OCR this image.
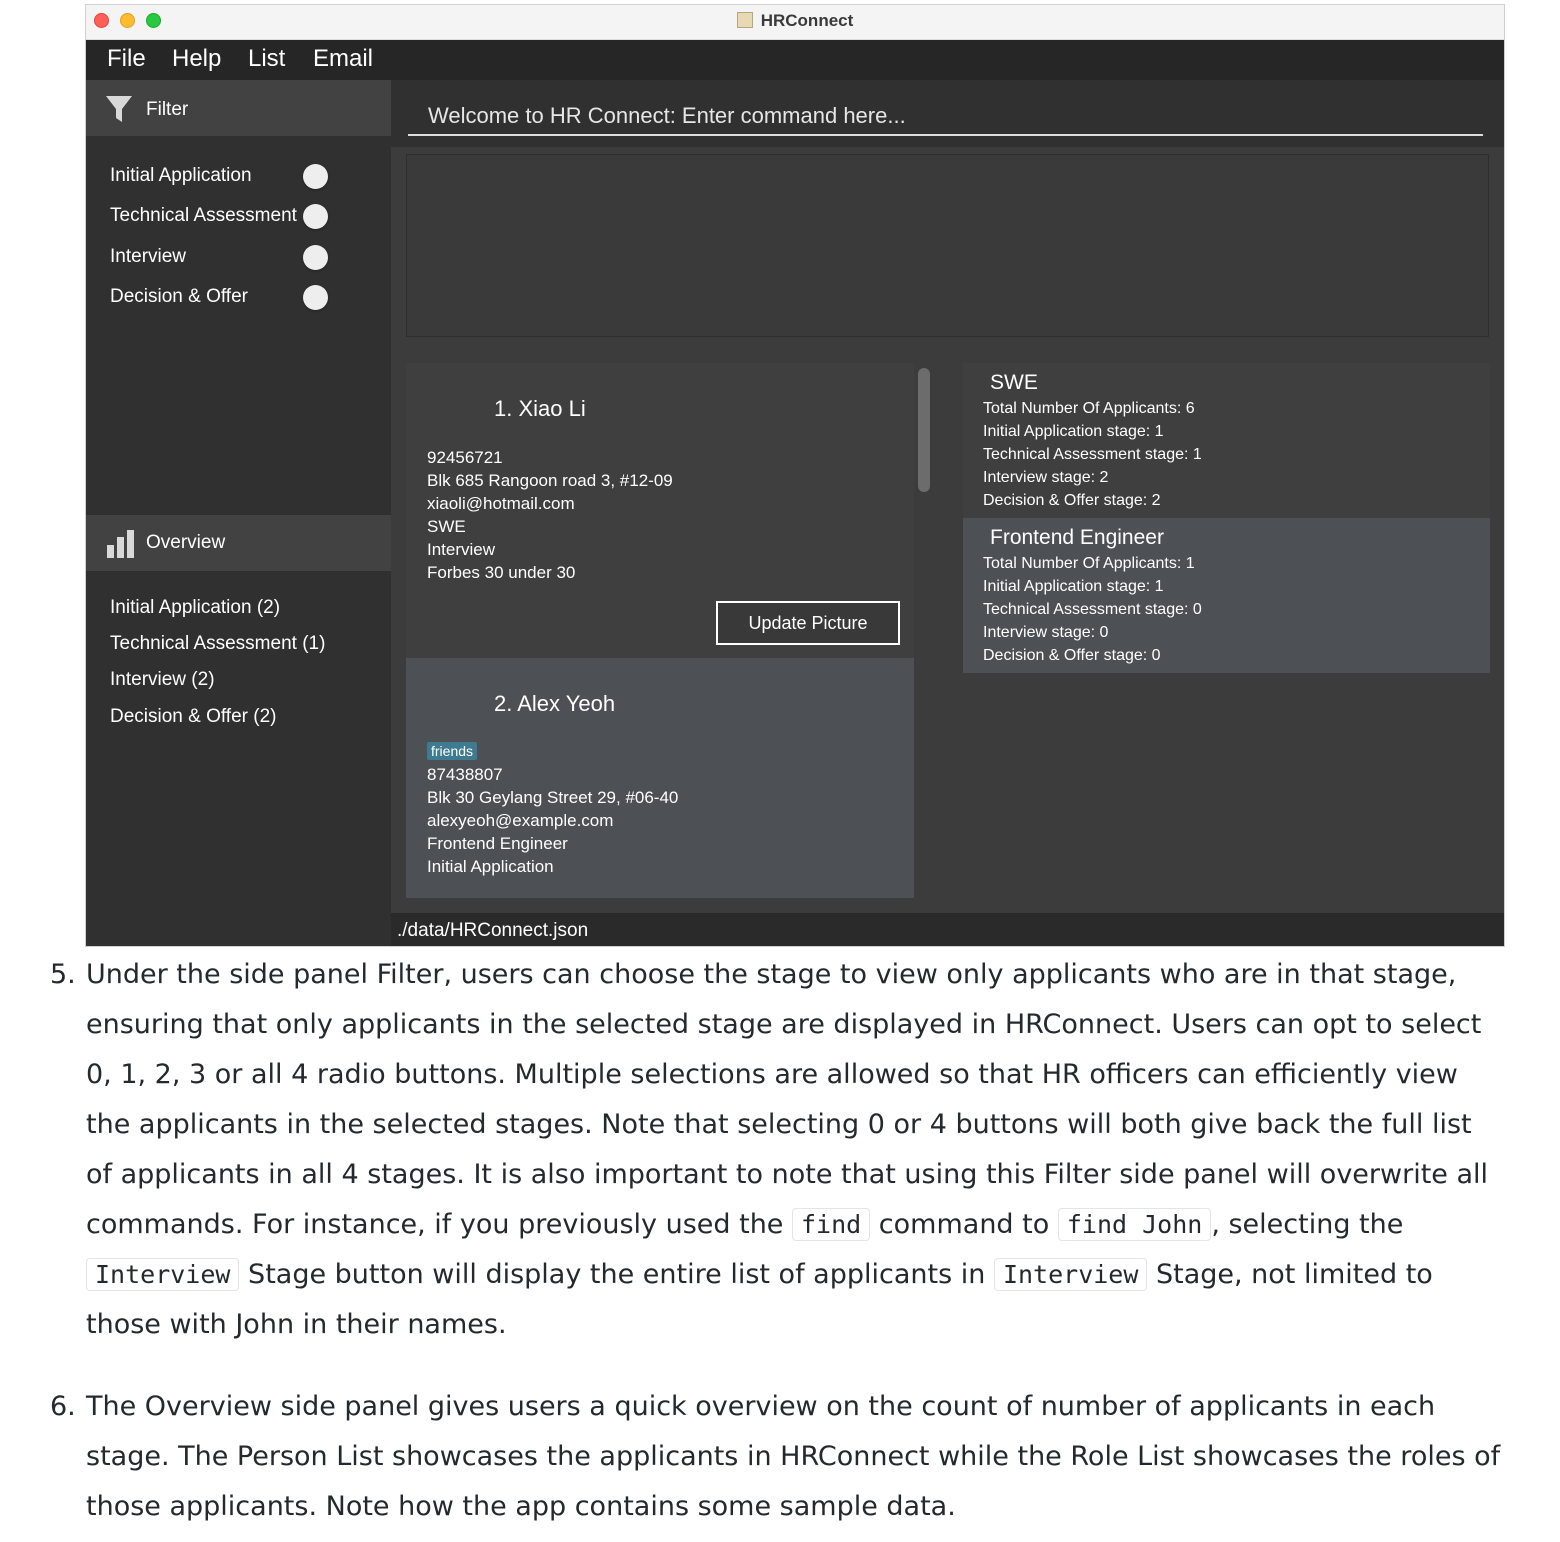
HRConnect
File Help List Email
Filter
Initial Application
Technical Assessment
Interview
Decision & Offer
Overview
Initial Application (2)
Technical Assessment (1)
Interview (2)
Decision & Offer (2)
Welcome to HR Connect: Enter command here...
1. Xiao Li
92456721
Blk 685 Rangoon road 3, #12-09
xiaoli@hotmail.com
SWE
Interview
Forbes 30 under 30
Update Picture
2. Alex Yeoh
friends
87438807
Blk 30 Geylang Street 29, #06-40
alexyeoh@example.com
Frontend Engineer
Initial Application
SWE
Total Number Of Applicants: 6
Initial Application stage: 1
Technical Assessment stage: 1
Interview stage: 2
Decision & Offer stage: 2
Frontend Engineer
Total Number Of Applicants: 1
Initial Application stage: 1
Technical Assessment stage: 0
Interview stage: 0
Decision & Offer stage: 0
./data/HRConnect.json
5. Under the side panel Filter, users can choose the stage to view only applicants who are in that stage, ensuring that only applicants in the selected stage are displayed in HRConnect. Users can opt to select 0, 1, 2, 3 or all 4 radio buttons. Multiple selections are allowed so that HR officers can efficiently view the applicants in the selected stages. Note that selecting 0 or 4 buttons will both give back the full list of applicants in all 4 stages. It is also important to note that using this Filter side panel will overwrite all commands. For instance, if you previously used the find command to find John , selecting the Interview Stage button will display the entire list of applicants in Interview Stage, not limited to those with John in their names.
6. The Overview side panel gives users a quick overview on the count of number of applicants in each stage. The Person List showcases the applicants in HRConnect while the Role List showcases the roles of those applicants. Note how the app contains some sample data.
